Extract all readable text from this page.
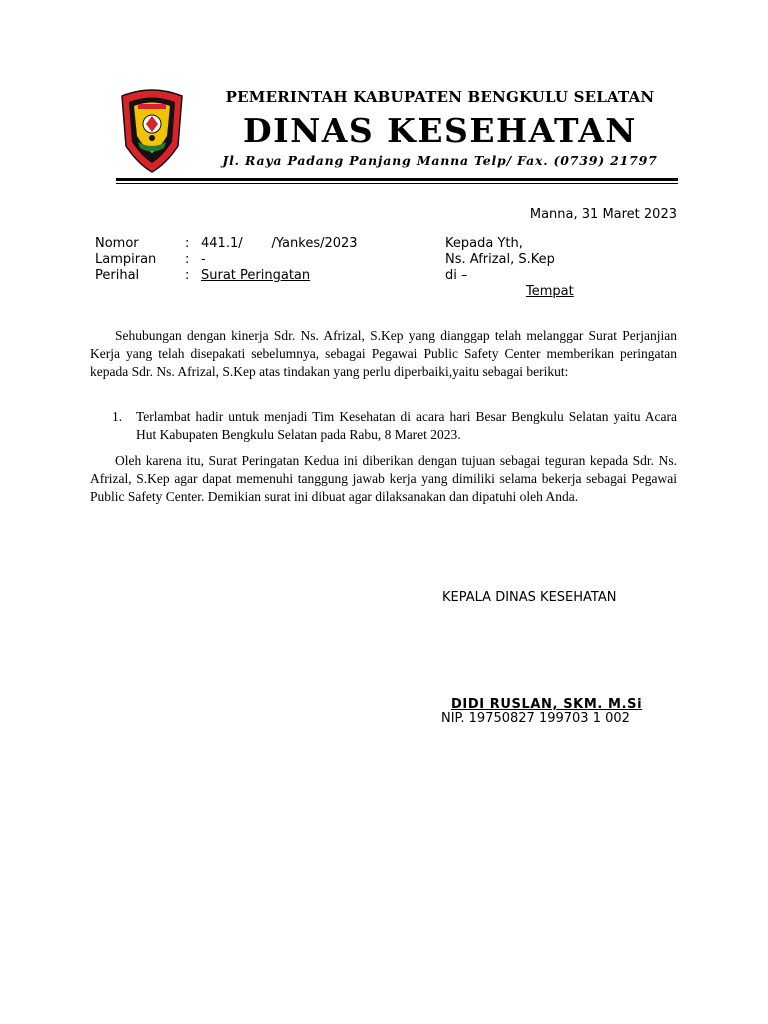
PEMERINTAH KABUPATEN BENGKULU SELATAN
DINAS KESEHATAN
Jl. Raya Padang Panjang Manna Telp/ Fax. (0739) 21797
Manna, 31 Maret 2023
Nomor	: 441.1/       /Yankes/2023
Lampiran : -
Perihal	: Surat Peringatan
Kepada Yth,
Ns. Afrizal, S.Kep
di –
Tempat
Sehubungan dengan kinerja Sdr. Ns. Afrizal, S.Kep yang dianggap telah melanggar Surat Perjanjian Kerja yang telah disepakati sebelumnya, sebagai Pegawai Public Safety Center memberikan peringatan kepada Sdr. Ns. Afrizal, S.Kep atas tindakan yang perlu diperbaiki,yaitu sebagai berikut:
1. Terlambat hadir untuk menjadi Tim Kesehatan di acara hari Besar Bengkulu Selatan yaitu Acara Hut Kabupaten Bengkulu Selatan pada Rabu, 8 Maret 2023.
Oleh karena itu, Surat Peringatan Kedua ini diberikan dengan tujuan sebagai teguran kepada Sdr. Ns. Afrizal, S.Kep agar dapat memenuhi tanggung jawab kerja yang dimiliki selama bekerja sebagai Pegawai Public Safety Center. Demikian surat ini dibuat agar dilaksanakan dan dipatuhi oleh Anda.
KEPALA DINAS KESEHATAN
DIDI RUSLAN, SKM. M.Si
NIP. 19750827 199703 1 002
